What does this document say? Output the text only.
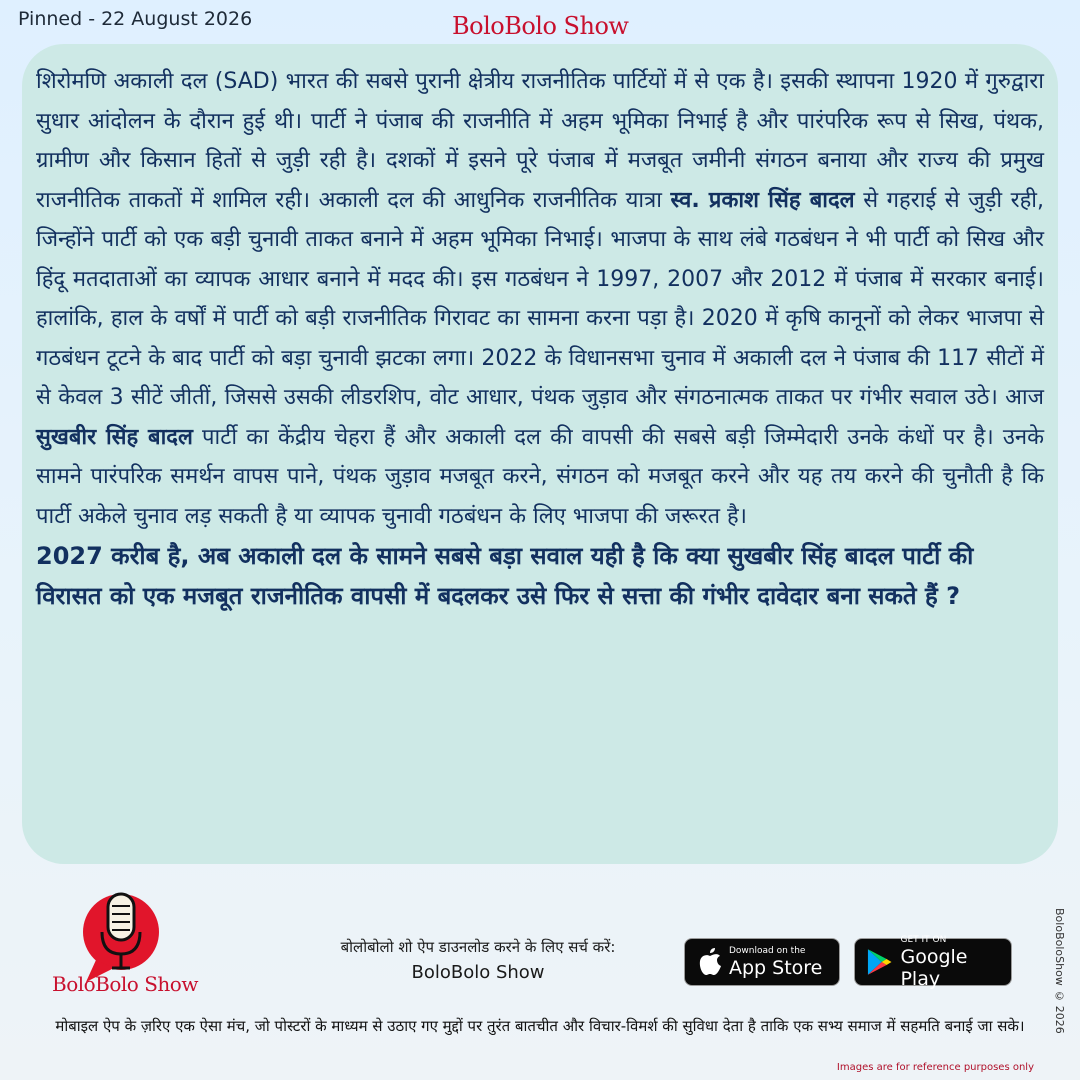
Pinned - 22 August 2026	BoloBolo Show

शिरोमणि अकाली दल (SAD) भारत की सबसे पुरानी क्षेत्रीय राजनीतिक पार्टियों में से एक है। इसकी स्थापना 1920 में गुरुद्वारा सुधार आंदोलन के दौरान हुई थी। पार्टी ने पंजाब की राजनीति में अहम भूमिका निभाई है और पारंपरिक रूप से सिख, पंथक, ग्रामीण और किसान हितों से जुड़ी रही है। दशकों में इसने पूरे पंजाब में मजबूत जमीनी संगठन बनाया और राज्य की प्रमुख राजनीतिक ताकतों में शामिल रही। अकाली दल की आधुनिक राजनीतिक यात्रा स्व. प्रकाश सिंह बादल से गहराई से जुड़ी रही, जिन्होंने पार्टी को एक बड़ी चुनावी ताकत बनाने में अहम भूमिका निभाई। भाजपा के साथ लंबे गठबंधन ने भी पार्टी को सिख और हिंदू मतदाताओं का व्यापक आधार बनाने में मदद की। इस गठबंधन ने 1997, 2007 और 2012 में पंजाब में सरकार बनाई। हालांकि, हाल के वर्षों में पार्टी को बड़ी राजनीतिक गिरावट का सामना करना पड़ा है। 2020 में कृषि कानूनों को लेकर भाजपा से गठबंधन टूटने के बाद पार्टी को बड़ा चुनावी झटका लगा। 2022 के विधानसभा चुनाव में अकाली दल ने पंजाब की 117 सीटों में से केवल 3 सीटें जीतीं, जिससे उसकी लीडरशिप, वोट आधार, पंथक जुड़ाव और संगठनात्मक ताकत पर गंभीर सवाल उठे। आज सुखबीर सिंह बादल पार्टी का केंद्रीय चेहरा हैं और अकाली दल की वापसी की सबसे बड़ी जिम्मेदारी उनके कंधों पर है। उनके सामने पारंपरिक समर्थन वापस पाने, पंथक जुड़ाव मजबूत करने, संगठन को मजबूत करने और यह तय करने की चुनौती है कि पार्टी अकेले चुनाव लड़ सकती है या व्यापक चुनावी गठबंधन के लिए भाजपा की जरूरत है।

2027 करीब है, अब अकाली दल के सामने सबसे बड़ा सवाल यही है कि क्या सुखबीर सिंह बादल पार्टी की विरासत को एक मजबूत राजनीतिक वापसी में बदलकर उसे फिर से सत्ता की गंभीर दावेदार बना सकते हैं ?

BoloBolo Show
बोलोबोलो शो ऐप डाउनलोड करने के लिए सर्च करें:
BoloBolo Show
Download on the
App Store
GET IT ON
Google Play	BoloBoloShow © 2026
मोबाइल ऐप के ज़रिए एक ऐसा मंच, जो पोस्टरों के माध्यम से उठाए गए मुद्दों पर तुरंत बातचीत और विचार-विमर्श की सुविधा देता है ताकि एक सभ्य समाज में सहमति बनाई जा सके।
Images are for reference purposes only
